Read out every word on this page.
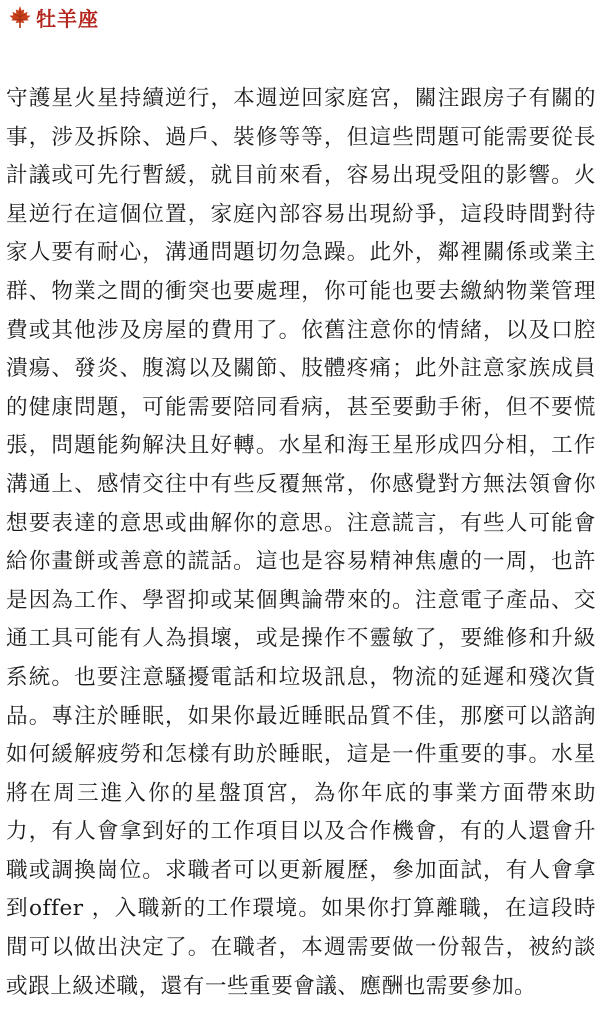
牡羊座

守護星火星持續逆行，本週逆回家庭宮，關注跟房子有關的事，涉及拆除、過戶、裝修等等，但這些問題可能需要從長計議或可先行暫緩，就目前來看，容易出現受阻的影響。火星逆行在這個位置，家庭內部容易出現紛爭，這段時間對待家人要有耐心，溝通問題切勿急躁。此外，鄰裡關係或業主群、物業之間的衝突也要處理，你可能也要去繳納物業管理費或其他涉及房屋的費用了。依舊注意你的情緒，以及口腔潰瘍、發炎、腹瀉以及關節、肢體疼痛；此外註意家族成員的健康問題，可能需要陪同看病，甚至要動手術，但不要慌張，問題能夠解決且好轉。水星和海王星形成四分相，工作溝通上、感情交往中有些反覆無常，你感覺對方無法領會你想要表達的意思或曲解你的意思。注意謊言，有些人可能會給你畫餅或善意的謊話。這也是容易精神焦慮的一周，也許是因為工作、學習抑或某個輿論帶來的。注意電子產品、交通工具可能有人為損壞，或是操作不靈敏了，要維修和升級系統。也要注意騷擾電話和垃圾訊息，物流的延遲和殘次貨品。專注於睡眠，如果你最近睡眠品質不佳，那麼可以諮詢如何緩解疲勞和怎樣有助於睡眠，這是一件重要的事。水星將在周三進入你的星盤頂宮，為你年底的事業方面帶來助力，有人會拿到好的工作項目以及合作機會，有的人還會升職或調換崗位。求職者可以更新履歷，參加面試，有人會拿到offer ，入職新的工作環境。如果你打算離職，在這段時間可以做出決定了。在職者，本週需要做一份報告，被約談或跟上級述職，還有一些重要會議、應酬也需要參加。
